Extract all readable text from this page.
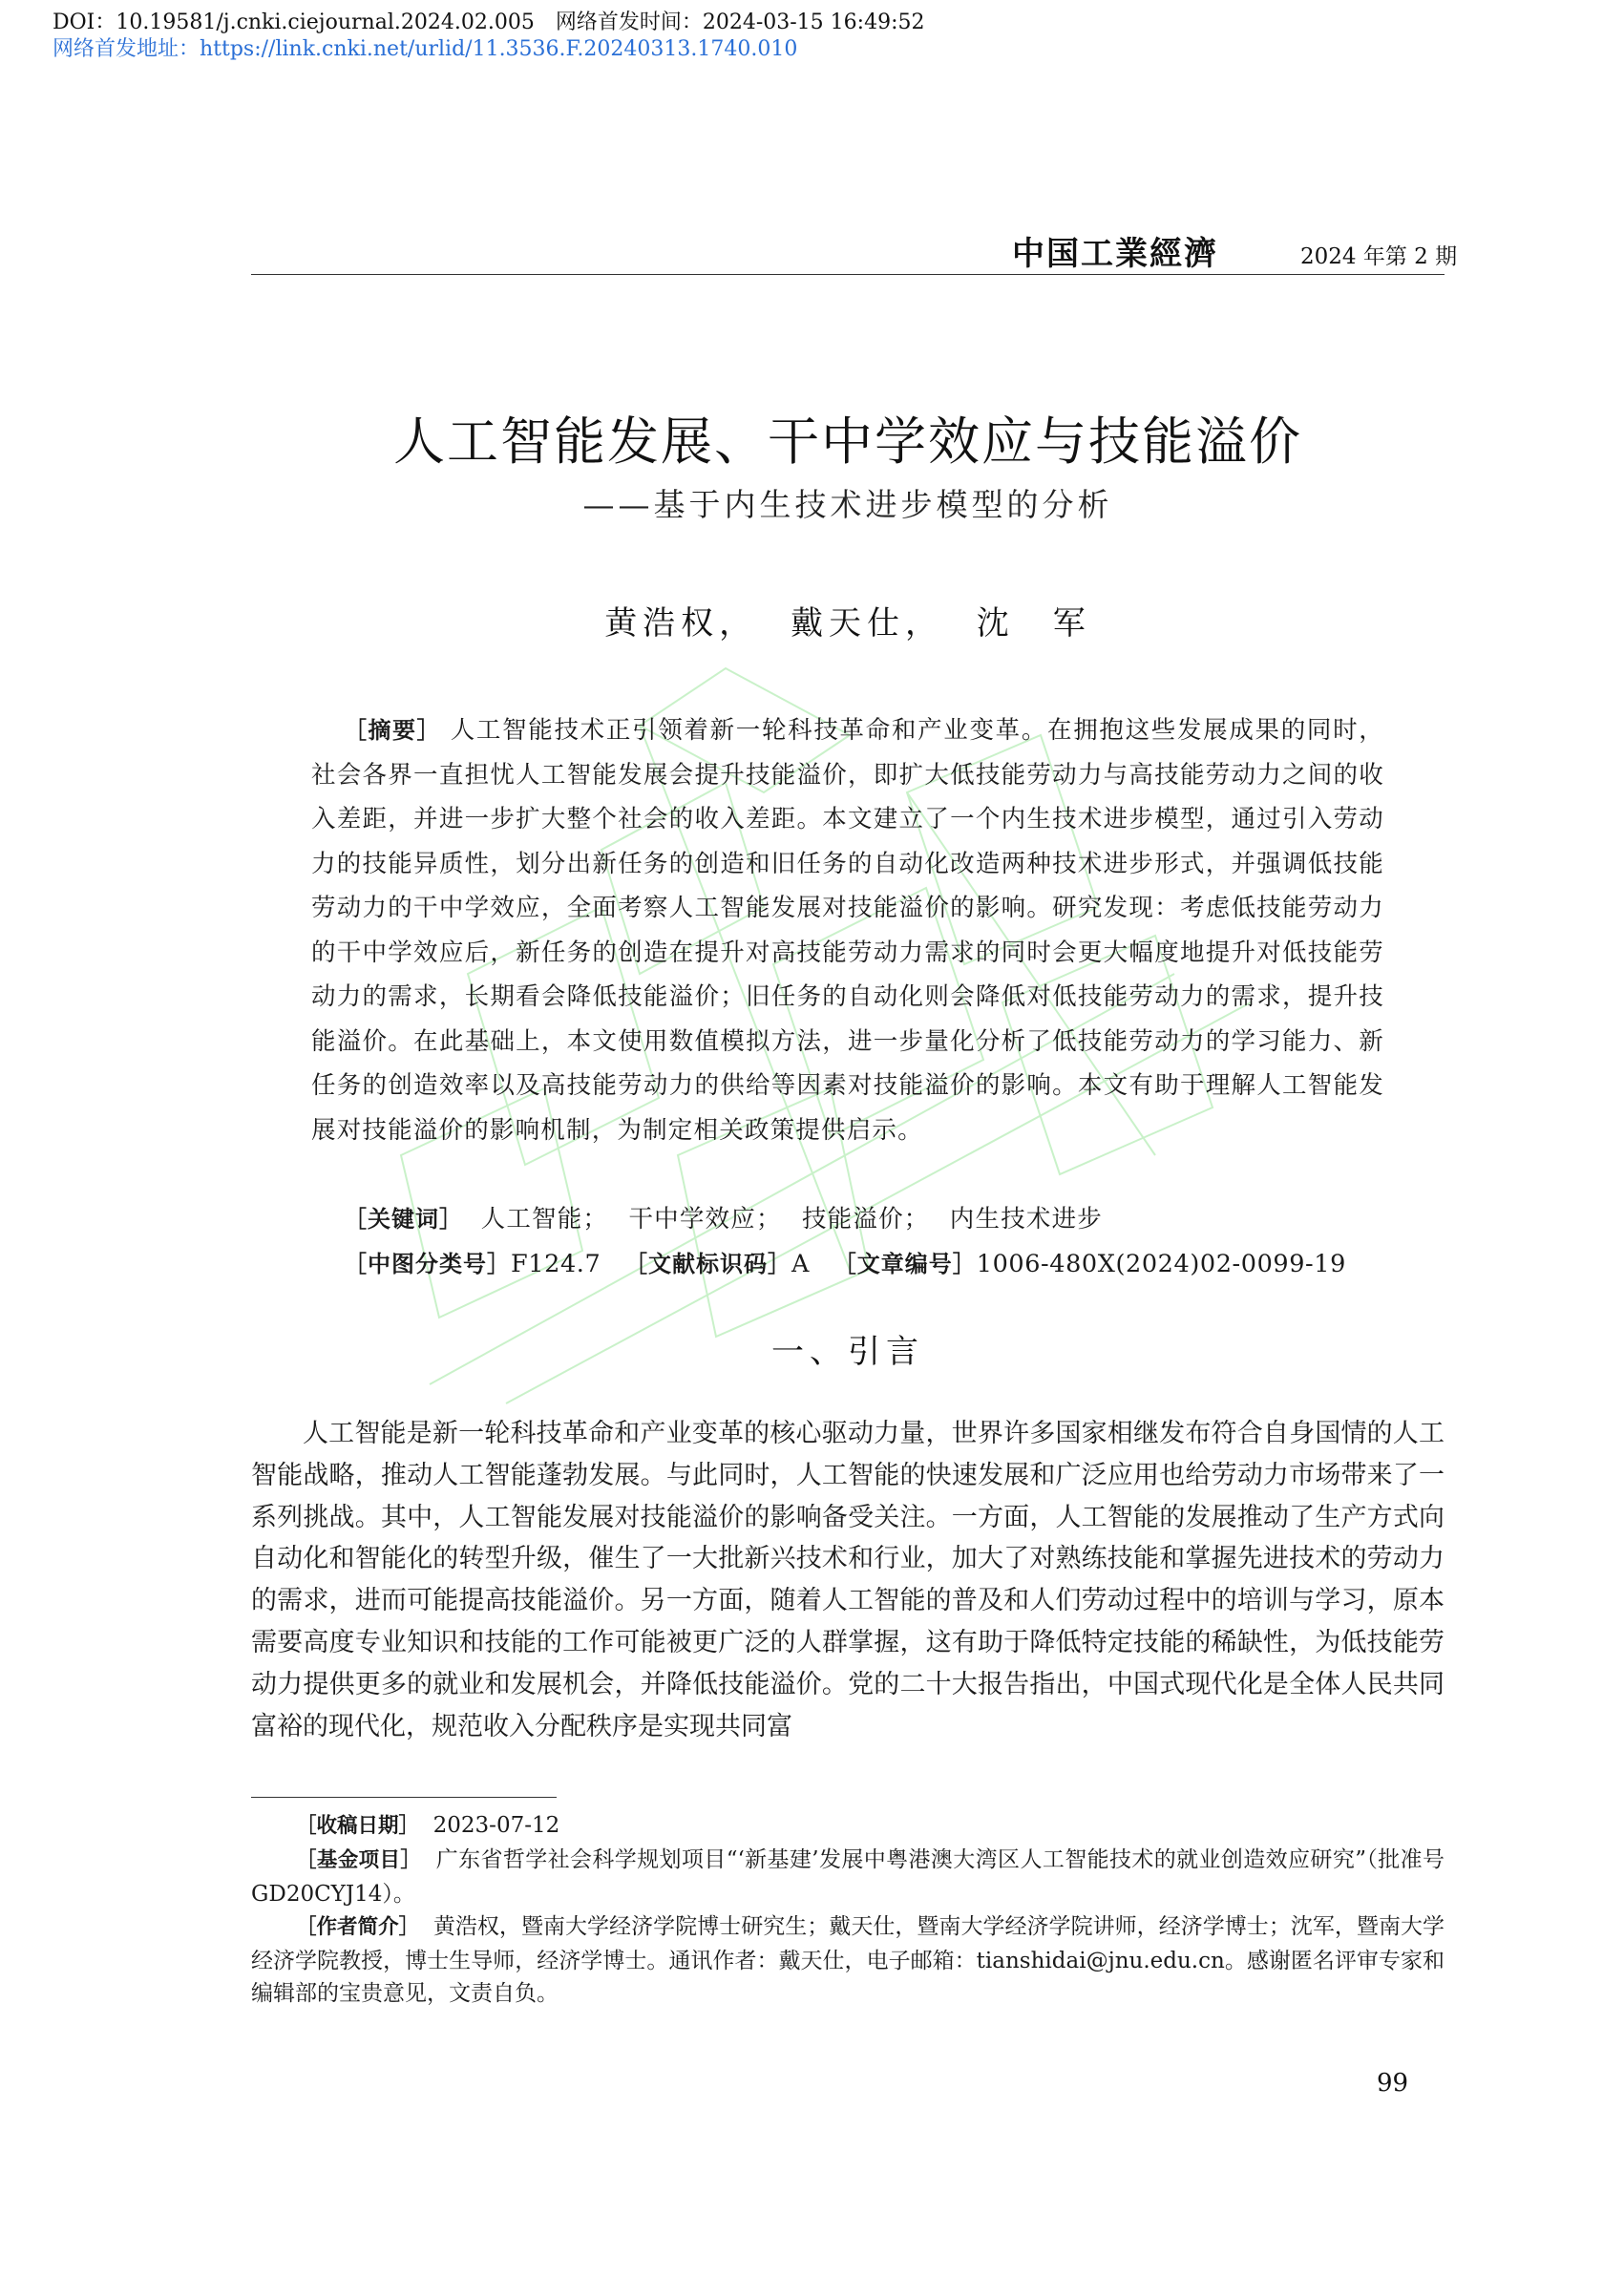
DOI：10.19581/j.cnki.ciejournal.2024.02.005 网络首发时间：2024-03-15 16:49:52
网络首发地址：https://link.cnki.net/urlid/11.3536.F.20240313.1740.010
中国工業經濟	2024 年第 2 期
人工智能发展、干中学效应与技能溢价
——基于内生技术进步模型的分析
黄浩权， 戴天仕， 沈　军
［摘要］ 人工智能技术正引领着新一轮科技革命和产业变革。在拥抱这些发展成果的同时，社会各界一直担忧人工智能发展会提升技能溢价，即扩大低技能劳动力与高技能劳动力之间的收入差距，并进一步扩大整个社会的收入差距。本文建立了一个内生技术进步模型，通过引入劳动力的技能异质性，划分出新任务的创造和旧任务的自动化改造两种技术进步形式，并强调低技能劳动力的干中学效应，全面考察人工智能发展对技能溢价的影响。研究发现：考虑低技能劳动力的干中学效应后，新任务的创造在提升对高技能劳动力需求的同时会更大幅度地提升对低技能劳动力的需求，长期看会降低技能溢价；旧任务的自动化则会降低对低技能劳动力的需求，提升技能溢价。在此基础上，本文使用数值模拟方法，进一步量化分析了低技能劳动力的学习能力、新任务的创造效率以及高技能劳动力的供给等因素对技能溢价的影响。本文有助于理解人工智能发展对技能溢价的影响机制，为制定相关政策提供启示。
［关键词］ 人工智能； 干中学效应； 技能溢价； 内生技术进步
［中图分类号］F124.7 ［文献标识码］A ［文章编号］1006-480X(2024)02-0099-19
一、引言
人工智能是新一轮科技革命和产业变革的核心驱动力量，世界许多国家相继发布符合自身国情的人工智能战略，推动人工智能蓬勃发展。与此同时，人工智能的快速发展和广泛应用也给劳动力市场带来了一系列挑战。其中，人工智能发展对技能溢价的影响备受关注。一方面，人工智能的发展推动了生产方式向自动化和智能化的转型升级，催生了一大批新兴技术和行业，加大了对熟练技能和掌握先进技术的劳动力的需求，进而可能提高技能溢价。另一方面，随着人工智能的普及和人们劳动过程中的培训与学习，原本需要高度专业知识和技能的工作可能被更广泛的人群掌握，这有助于降低特定技能的稀缺性，为低技能劳动力提供更多的就业和发展机会，并降低技能溢价。党的二十大报告指出，中国式现代化是全体人民共同富裕的现代化，规范收入分配秩序是实现共同富
［收稿日期］ 2023-07-12
［基金项目］ 广东省哲学社会科学规划项目“‘新基建’发展中粤港澳大湾区人工智能技术的就业创造效应研究”（批准号GD20CYJ14）。
［作者简介］ 黄浩权，暨南大学经济学院博士研究生；戴天仕，暨南大学经济学院讲师，经济学博士；沈军，暨南大学经济学院教授，博士生导师，经济学博士。通讯作者：戴天仕，电子邮箱：tianshidai@jnu.edu.cn。感谢匿名评审专家和编辑部的宝贵意见，文责自负。
99
